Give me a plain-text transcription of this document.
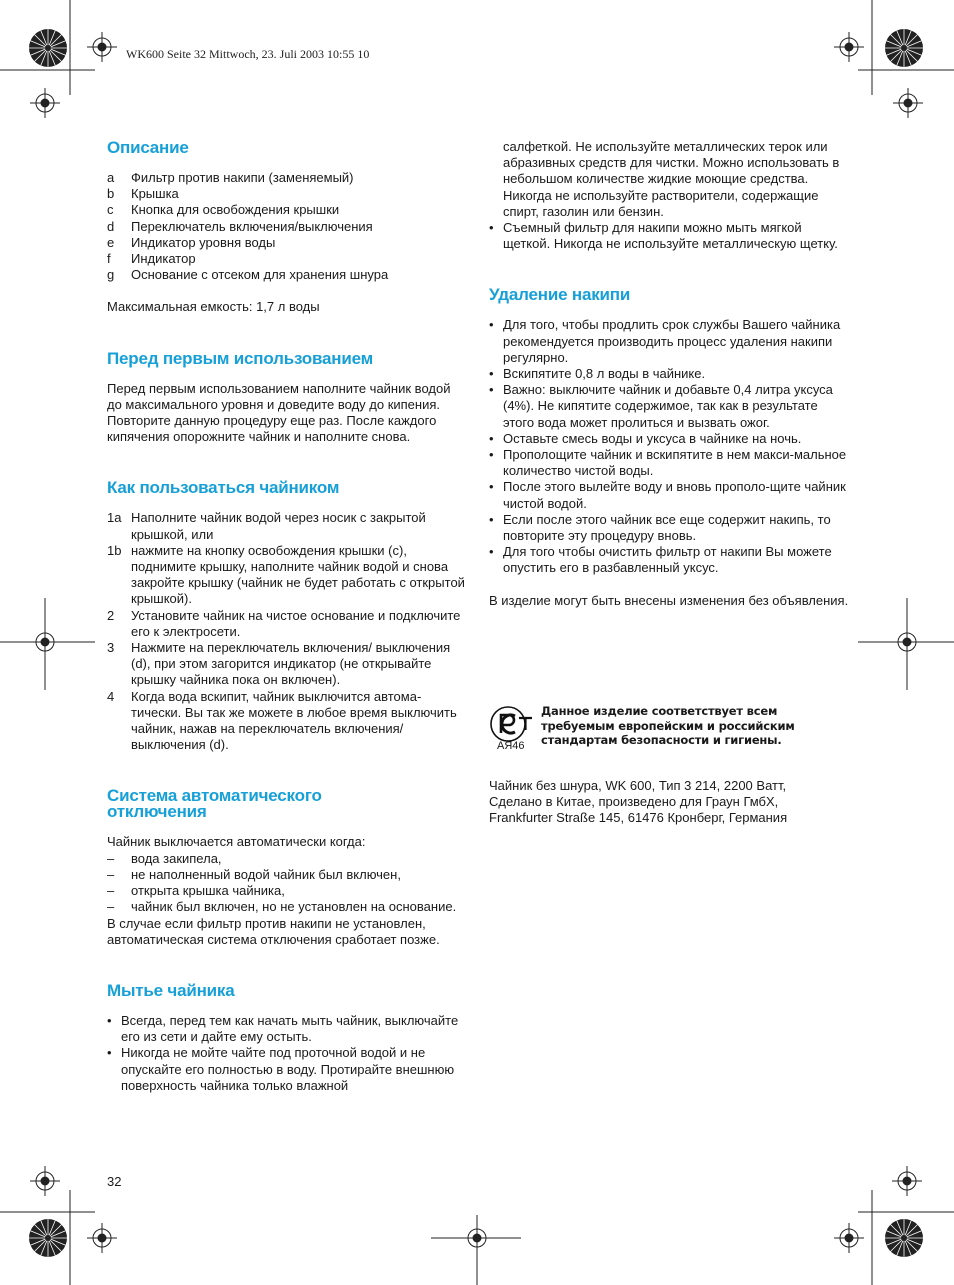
WK600 Seite 32 Mittwoch, 23. Juli 2003 10:55 10
Описание
a	Фильтр против накипи (заменяемый)
b	Крышка
c	Кнопка для освобождения крышки
d	Переключатель включения/выключения
e	Индикатор уровня воды
f	Индикатор
g	Основание с отсеком для хранения шнура

Максимальная емкость: 1,7 л воды

Перед первым использованием

Перед первым использованием наполните чайник водой до максимального уровня и доведите воду до кипения. Повторите данную процедуру еще раз. После каждого кипячения опорожните чайник и наполните снова.

Как пользоваться чайником
1a Наполните чайник водой через носик с закрытой крышкой, или
1b нажмите на кнопку освобождения крышки (c), поднимите крышку, наполните чайник водой и снова закройте крышку (чайник не будет работать с открытой крышкой).
2	Установите чайник на чистое основание и подключите его к электросети.
3	Нажмите на переключатель включения/ выключения (d), при этом загорится индикатор (не открывайте крышку чайника пока он включен).
4	Когда вода вскипит, чайник выключится автома-тически. Вы так же можете в любое время выключить чайник, нажав на переключатель включения/выключения (d).
Система автоматического отключения

Чайник выключается автоматически когда:

–	вода закипела,
–	не наполненный водой чайник был включен,
–	открыта крышка чайника,
–	чайник был включен, но не установлен на основание.

В случае если фильтр против накипи не установлен, автоматическая система отключения сработает позже.

Мытье чайника
• Всегда, перед тем как начать мыть чайник, выключайте его из сети и дайте ему остыть.
• Никогда не мойте чайте под проточной водой и не опускайте его полностью в воду. Протирайте внешнюю поверхность чайника только влажной
32
салфеткой. Не используйте металлических терок или абразивных средств для чистки. Можно использовать в небольшом количестве жидкие моющие средства. Никогда не используйте растворители, содержащие спирт, газолин или бензин.
• Съемный фильтр для накипи можно мыть мягкой щеткой. Никогда не используйте металлическую щетку.
Удаление накипи
• Для того, чтобы продлить срок службы Вашего чайника рекомендуется производить процесс удаления накипи регулярно.
• Вскипятите 0,8 л воды в чайнике.
• Важно: выключите чайник и добавьте 0,4 литра уксуса (4%). Не кипятите содержимое, так как в результате этого вода может пролиться и вызвать ожог.
• Оставьте смесь воды и уксуса в чайнике на ночь.
• Прополощите чайник и вскипятите в нем макси-мальное количество чистой воды.
• После этого вылейте воду и вновь прополо-щите чайник чистой водой.
• Если после этого чайник все еще содержит накипь, то повторите эту процедуру вновь.
• Для того чтобы очистить фильтр от накипи Вы можете опустить его в разбавленный уксус.

В изделие могут быть внесены изменения без объявления.

АЯ46
Данное изделие соответствует всем требуемым европейским и российским стандартам безопасности и гигиены.
Чайник без шнура, WK 600, Тип 3 214, 2200 Ватт,
Сделано в Китае, произведено для Граун ГмбХ,
Frankfurter Straße 145, 61476 Кронберг, Германия
